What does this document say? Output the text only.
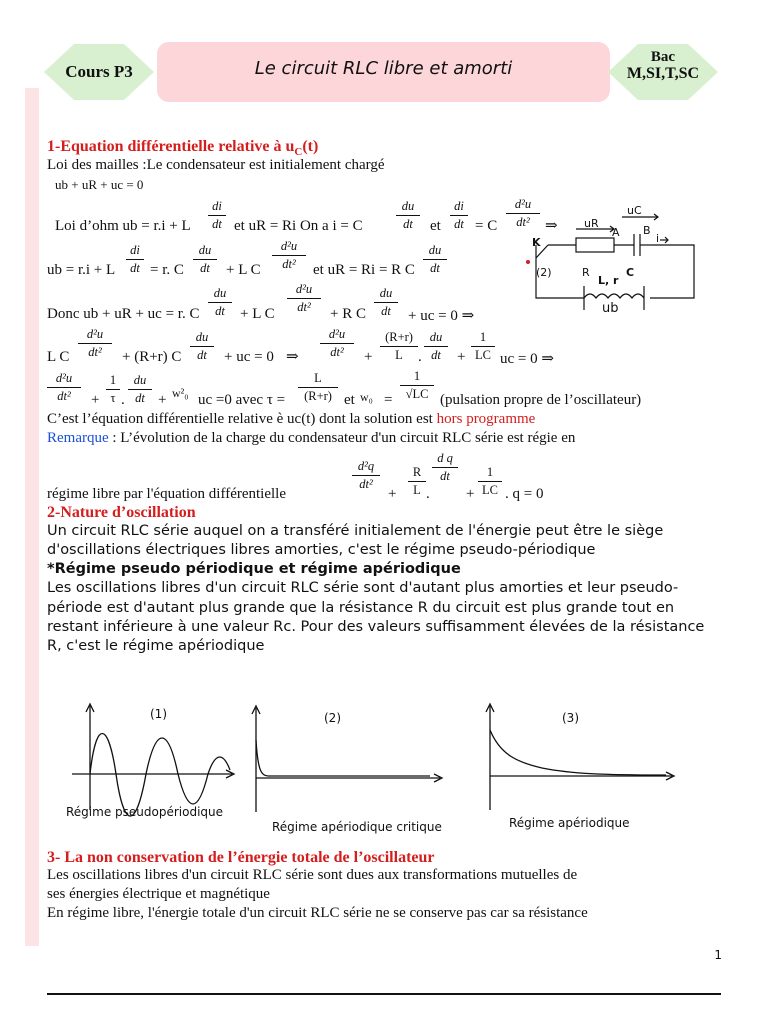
Cours P3	Le circuit RLC libre et amorti
Bac
M,SI,T,SC
1-Equation différentielle relative à $u_C(t)$
Loi des mailles :Le condensateur est initialement chargé
ub + uR + uc = 0
Loi d’ohm ub = r.i + L
di
dt et uR = Ri On a i = C
du
dt	et
di
dt = C
d²u
dt²	⇒
ub = r.i + L
di
dt = r. C
du
dt	+ L C
d²u
dt²	et uR = Ri = R C
du
dt
uC
uR
A B
i
K
(2)	R
L, r
C
ub
Donc ub + uR + uc = r. C
du
dt	+ L C
d²u
dt²	+ R C
du
dt	+ uc = 0 ⇒
L C
d²u
dt²	+ (R+r) C
du
dt	+ uc = 0 ⇒
d²u
dt²	+
(R+r)
L	.
du
dt	+
1
LC uc = 0 ⇒
d²u
dt²	+
1
τ .
du
dt + w²₀ uc =0 avec τ =
L
(R+r) et w₀ =
1
√LC (pulsation propre de l’oscillateur)
C’est l’équation différentielle relative è uc(t) dont la solution est hors programme
Remarque : L’évolution de la charge du condensateur d'un circuit RLC série est régie en
régime libre par l'équation différentielle
d²q
dt²
+
R
L .
d q
dt
+
1
LC . q = 0
2-Nature d’oscillation
Un circuit RLC série auquel on a transféré initialement de l'énergie peut être le siège
d'oscillations électriques libres amorties, c'est le régime pseudo-périodique
*Régime pseudo périodique et régime apériodique
Les oscillations libres d'un circuit RLC série sont d'autant plus amorties et leur pseudo-
période est d'autant plus grande que la résistance R du circuit est plus grande tout en
restant inférieure à une valeur Rc. Pour des valeurs suffisamment élevées de la résistance
R, c'est le régime apériodique
(1)
Régime pseudopériodique
(2)
Régime apériodique critique
(3)
Régime apériodique
3- La non conservation de l’énergie totale de l’oscillateur
Les oscillations libres d'un circuit RLC série sont dues aux transformations mutuelles de
ses énergies électrique et magnétique
En régime libre, l'énergie totale d'un circuit RLC série ne se conserve pas car sa résistance
1
